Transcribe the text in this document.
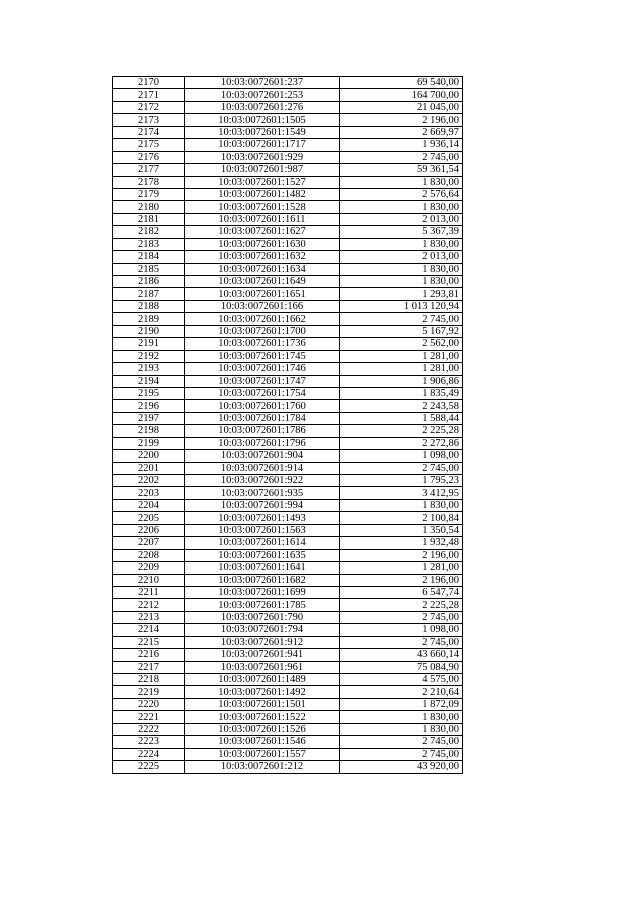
2170	10:03:0072601:237	69 540,00
2171	10:03:0072601:253	164 700,00
2172	10:03:0072601:276	21 045,00
2173	10:03:0072601:1505	2 196,00
2174	10:03:0072601:1549	2 669,97
2175	10:03:0072601:1717	1 936,14
2176	10:03:0072601:929	2 745,00
2177	10:03:0072601:987	59 361,54
2178	10:03:0072601:1527	1 830,00
2179	10:03:0072601:1482	2 576,64
2180	10:03:0072601:1528	1 830,00
2181	10:03:0072601:1611	2 013,00
2182	10:03:0072601:1627	5 367,39
2183	10:03:0072601:1630	1 830,00
2184	10:03:0072601:1632	2 013,00
2185	10:03:0072601:1634	1 830,00
2186	10:03:0072601:1649	1 830,00
2187	10:03:0072601:1651	1 293,81
2188	10:03:0072601:166	1 013 120,94
2189	10:03:0072601:1662	2 745,00
2190	10:03:0072601:1700	5 167,92
2191	10:03:0072601:1736	2 562,00
2192	10:03:0072601:1745	1 281,00
2193	10:03:0072601:1746	1 281,00
2194	10:03:0072601:1747	1 906,86
2195	10:03:0072601:1754	1 835,49
2196	10:03:0072601:1760	2 243,58
2197	10:03:0072601:1784	1 588,44
2198	10:03:0072601:1786	2 225,28
2199	10:03:0072601:1796	2 272,86
2200	10:03:0072601:904	1 098,00
2201	10:03:0072601:914	2 745,00
2202	10:03:0072601:922	1 795,23
2203	10:03:0072601:935	3 412,95
2204	10:03:0072601:994	1 830,00
2205	10:03:0072601:1493	2 100,84
2206	10:03:0072601:1563	1 350,54
2207	10:03:0072601:1614	1 932,48
2208	10:03:0072601:1635	2 196,00
2209	10:03:0072601:1641	1 281,00
2210	10:03:0072601:1682	2 196,00
2211	10:03:0072601:1699	6 547,74
2212	10:03:0072601:1785	2 225,28
2213	10:03:0072601:790	2 745,00
2214	10:03:0072601:794	1 098,00
2215	10:03:0072601:912	2 745,00
2216	10:03:0072601:941	43 660,14
2217	10:03:0072601:961	75 084,90
2218	10:03:0072601:1489	4 575,00
2219	10:03:0072601:1492	2 210,64
2220	10:03:0072601:1501	1 872,09
2221	10:03:0072601:1522	1 830,00
2222	10:03:0072601:1526	1 830,00
2223	10:03:0072601:1546	2 745,00
2224	10:03:0072601:1557	2 745,00
2225	10:03:0072601:212	43 920,00
